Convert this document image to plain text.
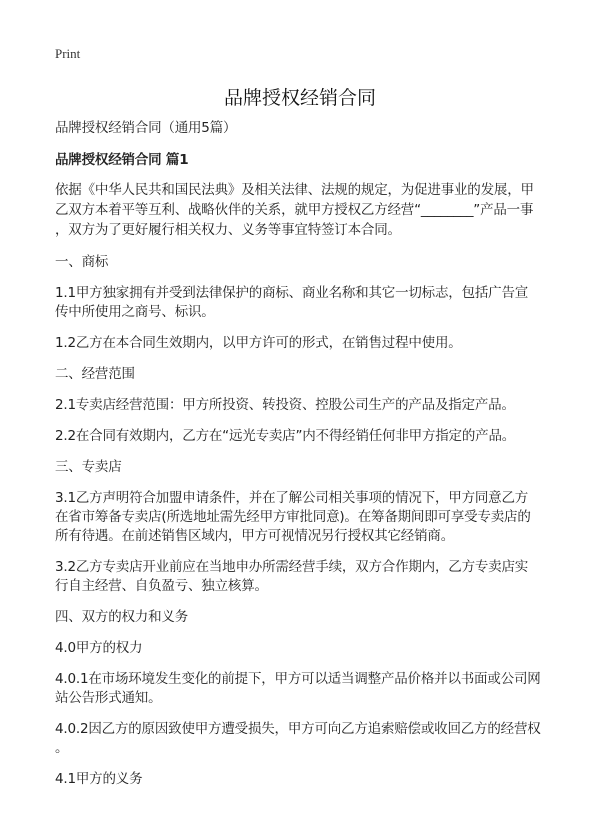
Print
品牌授权经销合同

品牌授权经销合同（通用5篇）

品牌授权经销合同 篇1

依据《中华人民共和国民法典》及相关法律、法规的规定，为促进事业的发展，甲
乙双方本着平等互利、战略伙伴的关系，就甲方授权乙方经营“________”产品一事
，双方为了更好履行相关权力、义务等事宜特签订本合同。

一、商标

1.1甲方独家拥有并受到法律保护的商标、商业名称和其它一切标志，包括广告宣
传中所使用之商号、标识。

1.2乙方在本合同生效期内，以甲方许可的形式，在销售过程中使用。

二、经营范围

2.1专卖店经营范围：甲方所投资、转投资、控股公司生产的产品及指定产品。

2.2在合同有效期内，乙方在“远光专卖店”内不得经销任何非甲方指定的产品。

三、专卖店

3.1乙方声明符合加盟申请条件，并在了解公司相关事项的情况下，甲方同意乙方
在省市筹备专卖店(所选地址需先经甲方审批同意)。在筹备期间即可享受专卖店的
所有待遇。在前述销售区域内，甲方可视情况另行授权其它经销商。

3.2乙方专卖店开业前应在当地申办所需经营手续，双方合作期内，乙方专卖店实
行自主经营、自负盈亏、独立核算。

四、双方的权力和义务

4.0甲方的权力

4.0.1在市场环境发生变化的前提下，甲方可以适当调整产品价格并以书面或公司网
站公告形式通知。

4.0.2因乙方的原因致使甲方遭受损失，甲方可向乙方追索赔偿或收回乙方的经营权
。

4.1甲方的义务
